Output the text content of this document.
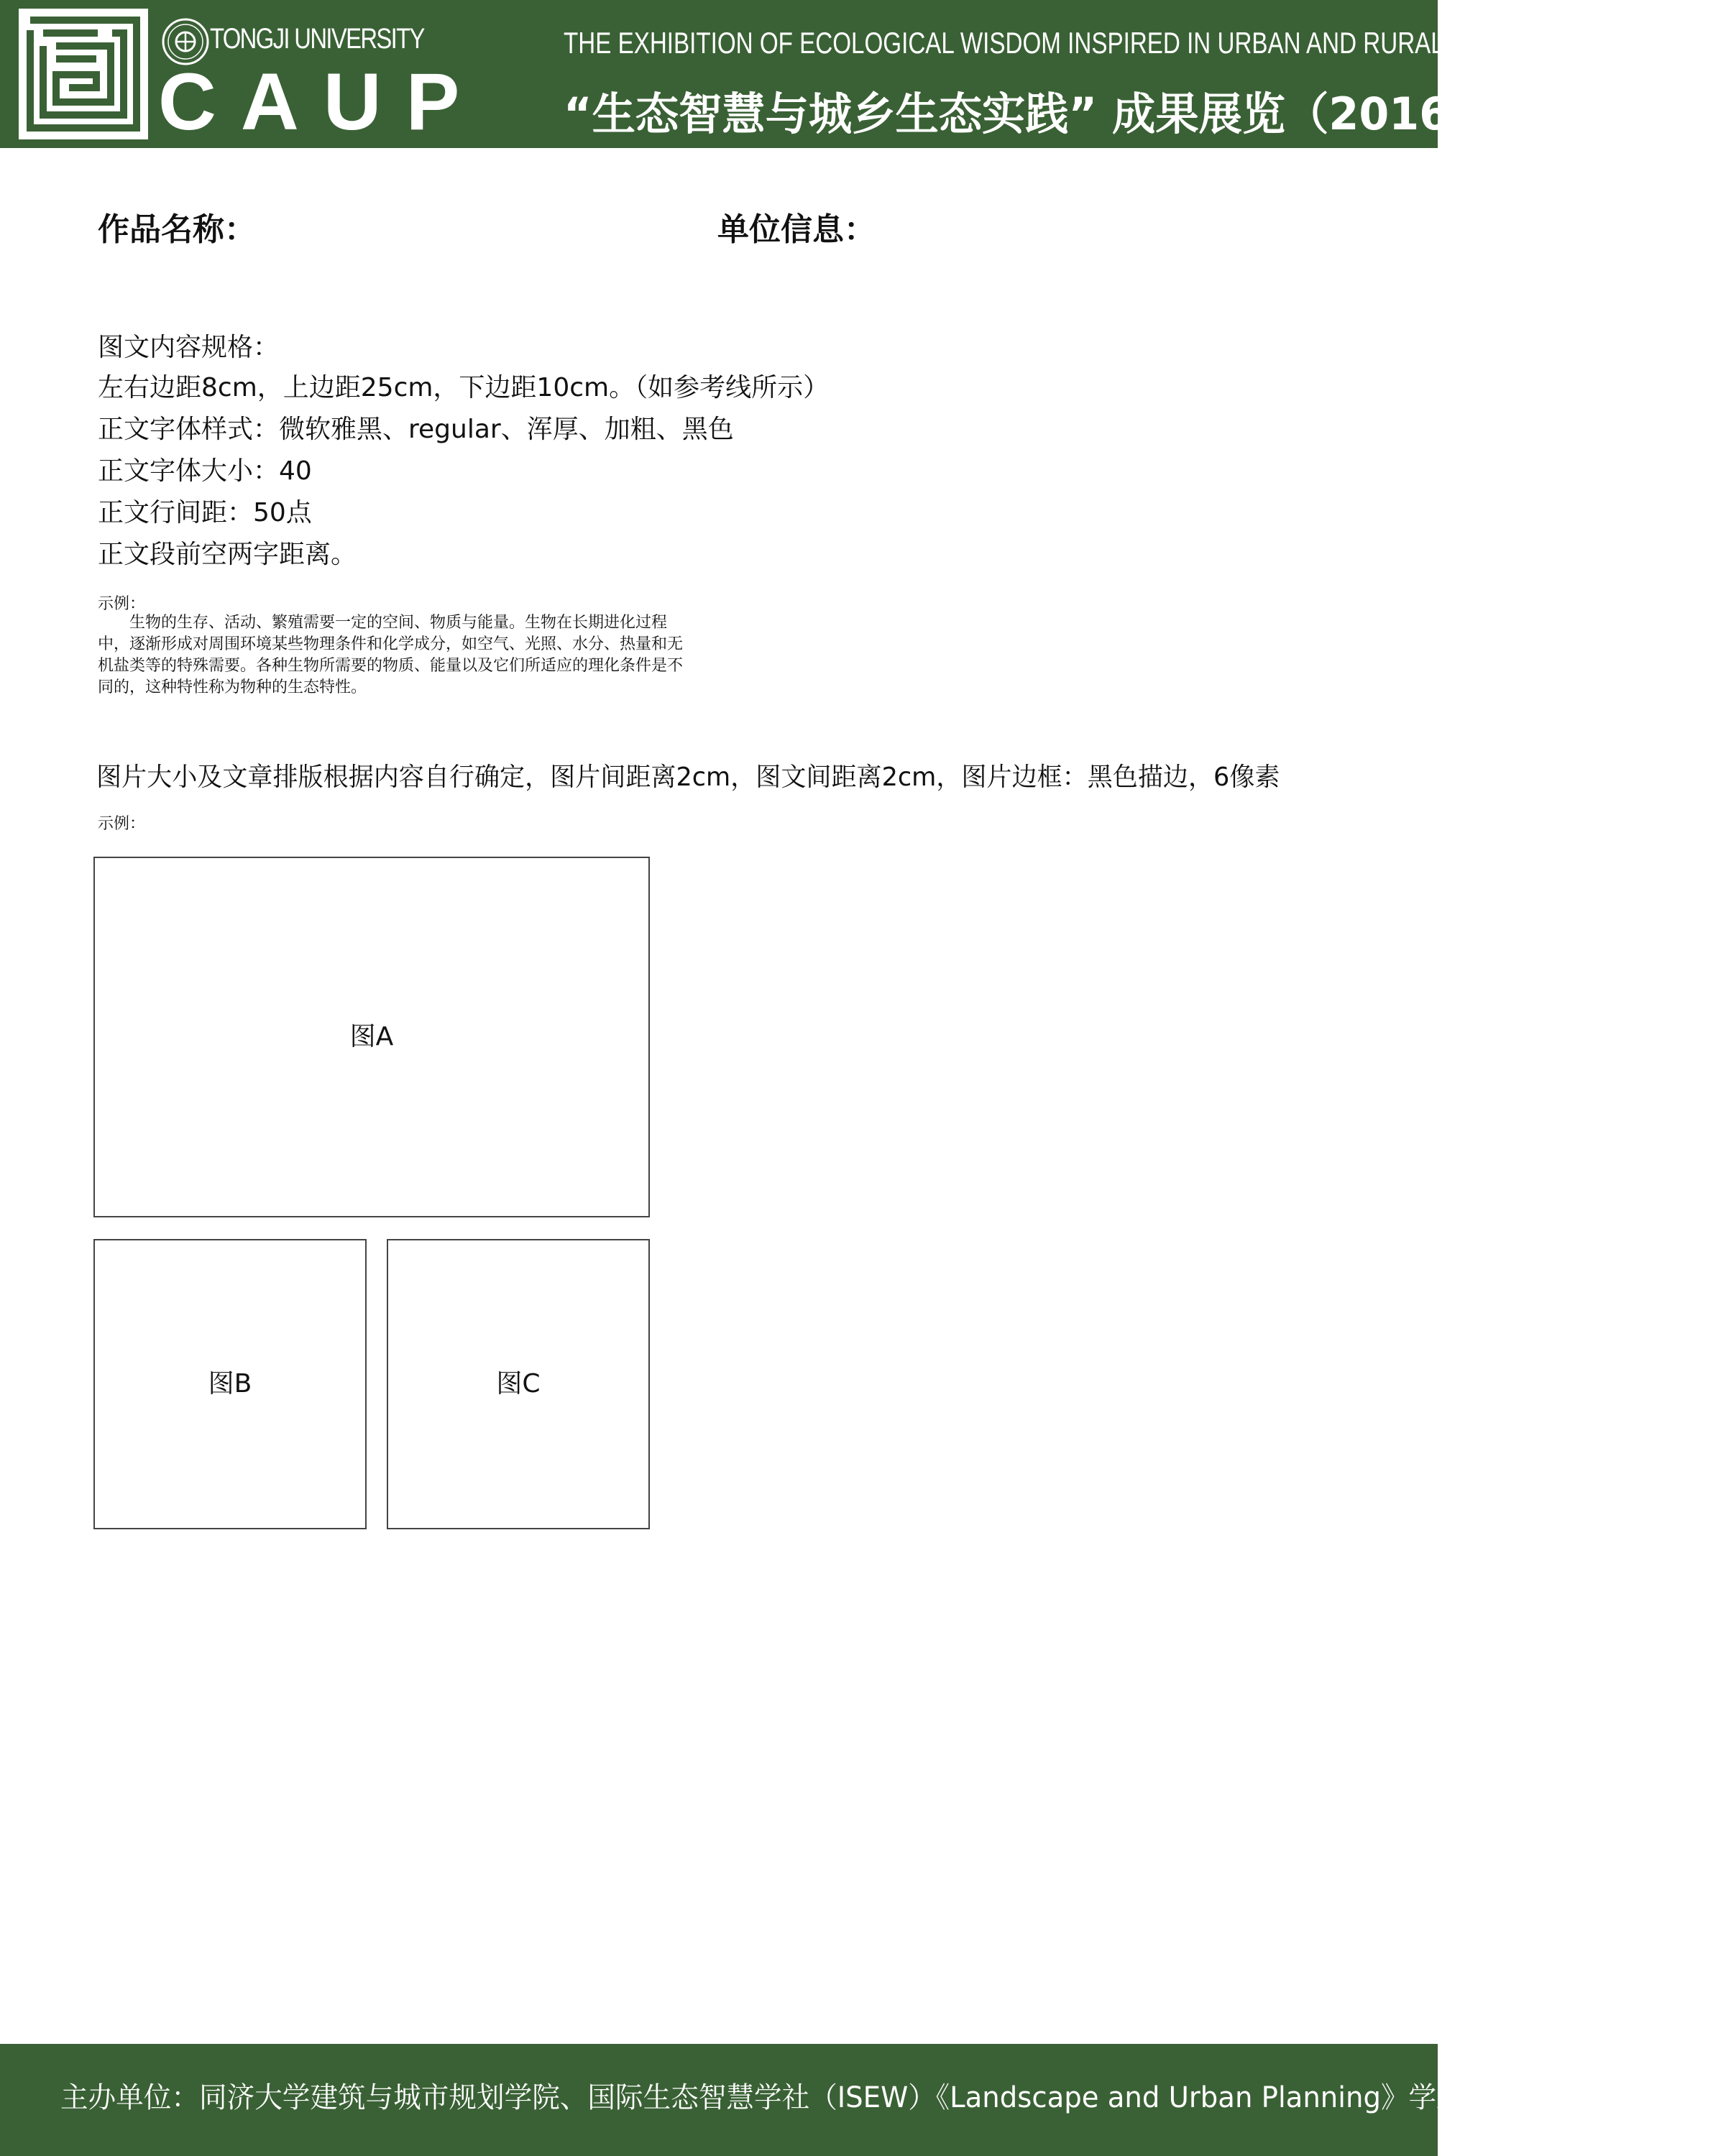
TONGJI UNIVERSITY
CAUP
THE EXHIBITION OF ECOLOGICAL WISDOM INSPIRED IN URBAN AND RURAL ECOLOGICAL PRACTICE
“生态智慧与城乡生态实践” 成果展览（2016）
作品名称：	单位信息：
图文内容规格：
左右边距8cm，上边距25cm，下边距10cm。（如参考线所示）
正文字体样式：微软雅黑、regular、浑厚、加粗、黑色
正文字体大小：40
正文行间距：50点
正文段前空两字距离。
示例：
生物的生存、活动、繁殖需要一定的空间、物质与能量。生物在长期进化过程中，逐渐形成对周围环境某些物理条件和化学成分，如空气、光照、水分、热量和无机盐类等的特殊需要。各种生物所需要的物质、能量以及它们所适应的理化条件是不同的，这种特性称为物种的生态特性。
图片大小及文章排版根据内容自行确定，图片间距离2cm，图文间距离2cm，图片边框：黑色描边，6像素
示例：
图A
图B	图C
主办单位：同济大学建筑与城市规划学院、国际生态智慧学社（ISEW）《Landscape and Urban Planning》学术期刊社
